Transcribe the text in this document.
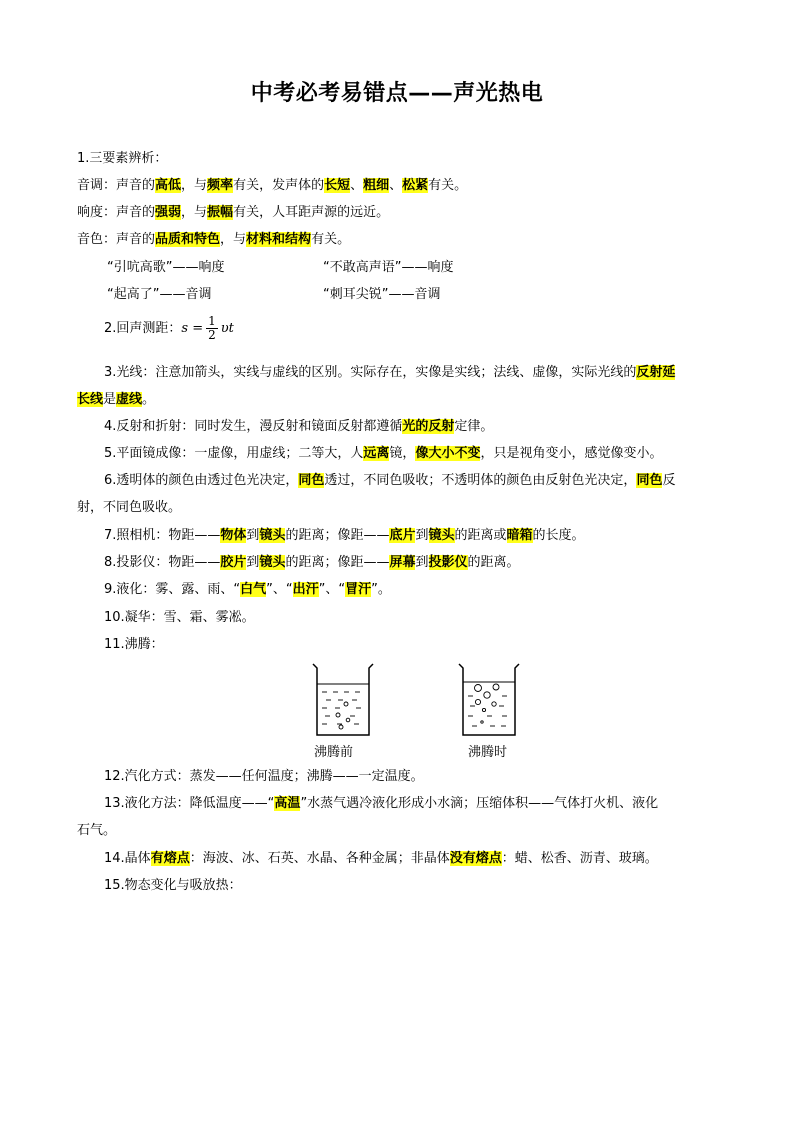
中考必考易错点——声光热电
1.三要素辨析：
音调：声音的高低，与频率有关，发声体的长短、粗细、松紧有关。
响度：声音的强弱，与振幅有关，人耳距声源的远近。
音色：声音的品质和特色，与材料和结构有关。
“引吭高歌”——响度	“不敢高声语”——响度
“起高了”——音调	“刺耳尖锐”——音调
2.回声测距：$s = \frac{1}{2}$ υt
3.光线：注意加箭头，实线与虚线的区别。实际存在，实像是实线；法线、虚像，实际光线的反射延
长线是虚线。
4.反射和折射：同时发生，漫反射和镜面反射都遵循光的反射定律。
5.平面镜成像：一虚像，用虚线；二等大，人远离镜，像大小不变，只是视角变小，感觉像变小。
6.透明体的颜色由透过色光决定，同色透过，不同色吸收；不透明体的颜色由反射色光决定，同色反
射，不同色吸收。
7.照相机：物距——物体到镜头的距离；像距——底片到镜头的距离或暗箱的长度。
8.投影仪：物距——胶片到镜头的距离；像距——屏幕到投影仪的距离。
9.液化：雾、露、雨、“白气”、“出汗”、“冒汗”。
10.凝华：雪、霜、雾凇。
11.沸腾：
沸腾前	沸腾时
12.汽化方式：蒸发——任何温度；沸腾——一定温度。
13.液化方法：降低温度——“高温”水蒸气遇冷液化形成小水滴；压缩体积——气体打火机、液化
石气。
14.晶体有熔点：海波、冰、石英、水晶、各种金属；非晶体没有熔点：蜡、松香、沥青、玻璃。
15.物态变化与吸放热：
